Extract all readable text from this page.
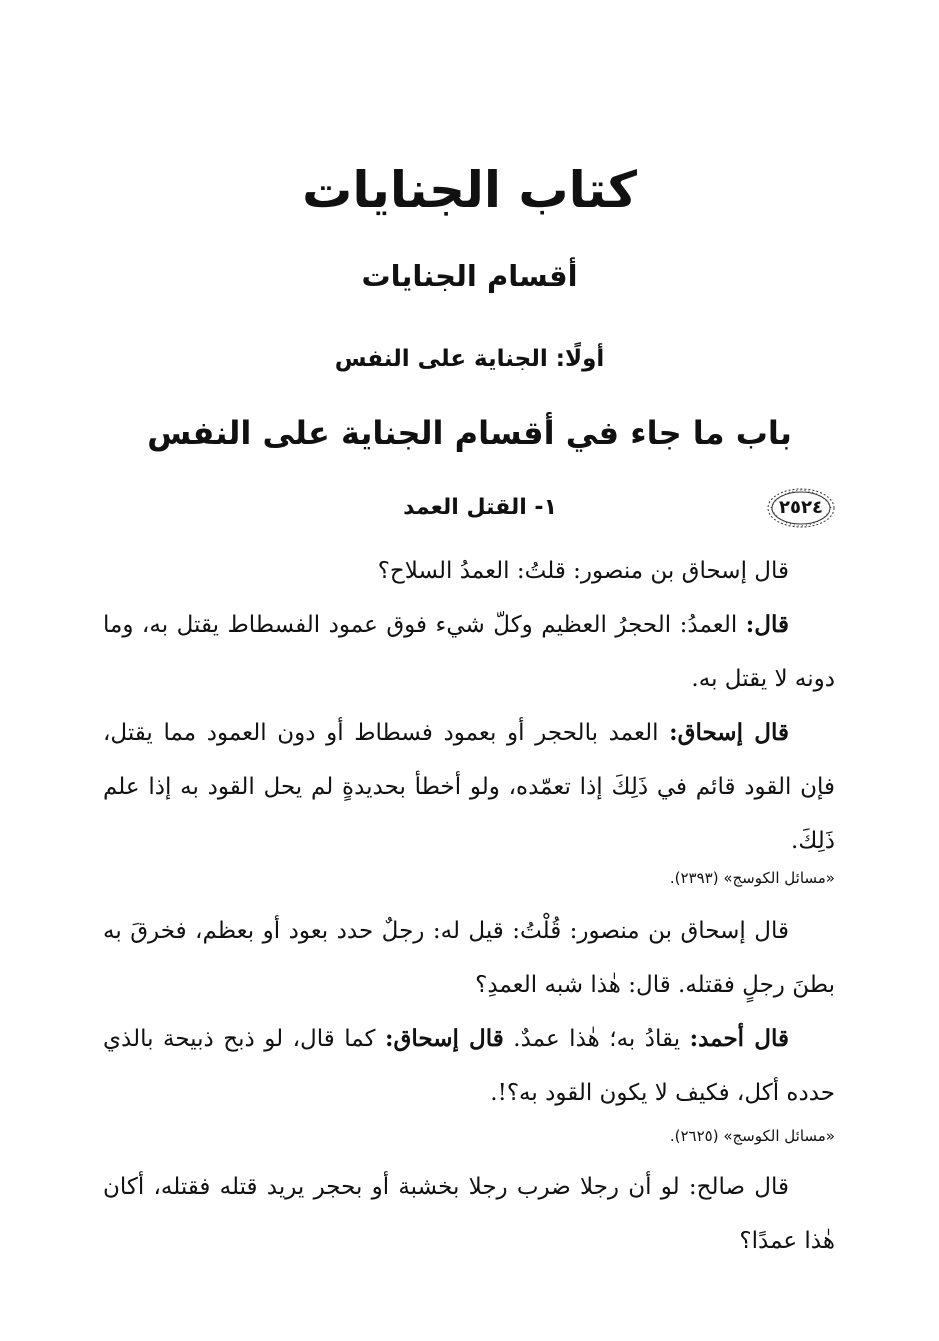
كتاب الجنايات
أقسام الجنايات
أولًا: الجناية على النفس
باب ما جاء في أقسام الجناية على النفس
٢٥٢٤
١- القتل العمد

قال إسحاق بن منصور: قلتُ: العمدُ السلاح؟

قال: العمدُ: الحجرُ العظيم وكلّ شيء فوق عمود الفسطاط يقتل به، وما دونه لا يقتل به.

قال إسحاق: العمد بالحجر أو بعمود فسطاط أو دون العمود مما يقتل، فإن القود قائم في ذَلِكَ إذا تعمّده، ولو أخطأ بحديدةٍ لم يحل القود به إذا علم ذَلِكَ.

«مسائل الكوسج» (٢٣٩٣).

قال إسحاق بن منصور: قُلْتُ: قيل له: رجلٌ حدد بعود أو بعظم، فخرقَ به بطنَ رجلٍ فقتله. قال: هٰذا شبه العمدِ؟

قال أحمد: يقادُ به؛ هٰذا عمدٌ. قال إسحاق: كما قال، لو ذبح ذبيحة بالذي حدده أكل، فكيف لا يكون القود به؟!.

«مسائل الكوسج» (٢٦٢٥).

قال صالح: لو أن رجلا ضرب رجلا بخشبة أو بحجر يريد قتله فقتله، أكان هٰذا عمدًا؟
